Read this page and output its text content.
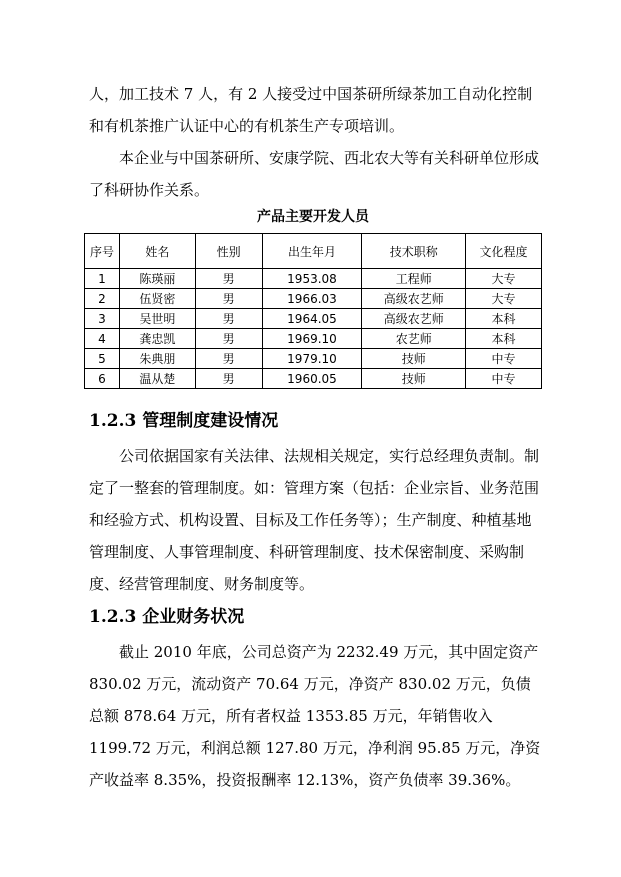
人，加工技术 7 人，有 2 人接受过中国茶研所绿茶加工自动化控制和有机茶推广认证中心的有机茶生产专项培训。

本企业与中国茶研所、安康学院、西北农大等有关科研单位形成了科研协作关系。

产品主要开发人员
序号	姓名	性别	出生年月	技术职称	文化程度
1	陈瑛丽	男	1953.08	工程师	大专
2	伍贤密	男	1966.03	高级农艺师	大专
3	吴世明	男	1964.05	高级农艺师	本科
4	龚忠凯	男	1969.10	农艺师	本科
5	朱典朋	男	1979.10	技师	中专
6	温从楚	男	1960.05	技师	中专
1.2.3 管理制度建设情况

公司依据国家有关法律、法规相关规定，实行总经理负责制。制定了一整套的管理制度。如：管理方案（包括：企业宗旨、业务范围和经验方式、机构设置、目标及工作任务等）；生产制度、种植基地管理制度、人事管理制度、科研管理制度、技术保密制度、采购制度、经营管理制度、财务制度等。

1.2.3 企业财务状况

截止 2010 年底，公司总资产为 2232.49 万元，其中固定资产 830.02 万元，流动资产 70.64 万元，净资产 830.02 万元，负债总额 878.64 万元，所有者权益 1353.85 万元，年销售收入 1199.72 万元，利润总额 127.80 万元，净利润 95.85 万元，净资产收益率 8.35%，投资报酬率 12.13%，资产负债率 39.36%。
